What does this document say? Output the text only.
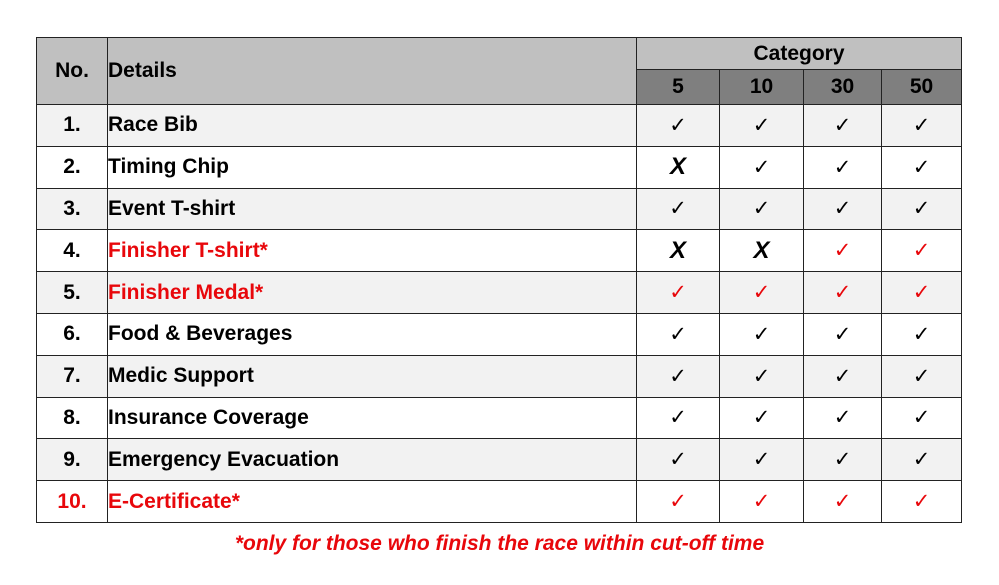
No.	Details	Category			
		5	10	30	50
1.	Race Bib	✓	✓	✓	✓
2.	Timing Chip	X	✓	✓	✓
3.	Event T-shirt	✓	✓	✓	✓
4.	Finisher T-shirt*	X	X	✓	✓
5.	Finisher Medal*	✓	✓	✓	✓
6.	Food & Beverages	✓	✓	✓	✓
7.	Medic Support	✓	✓	✓	✓
8.	Insurance Coverage	✓	✓	✓	✓
9.	Emergency Evacuation	✓	✓	✓	✓
10.	E-Certificate*	✓	✓	✓	✓
*only for those who finish the race within cut-off time
